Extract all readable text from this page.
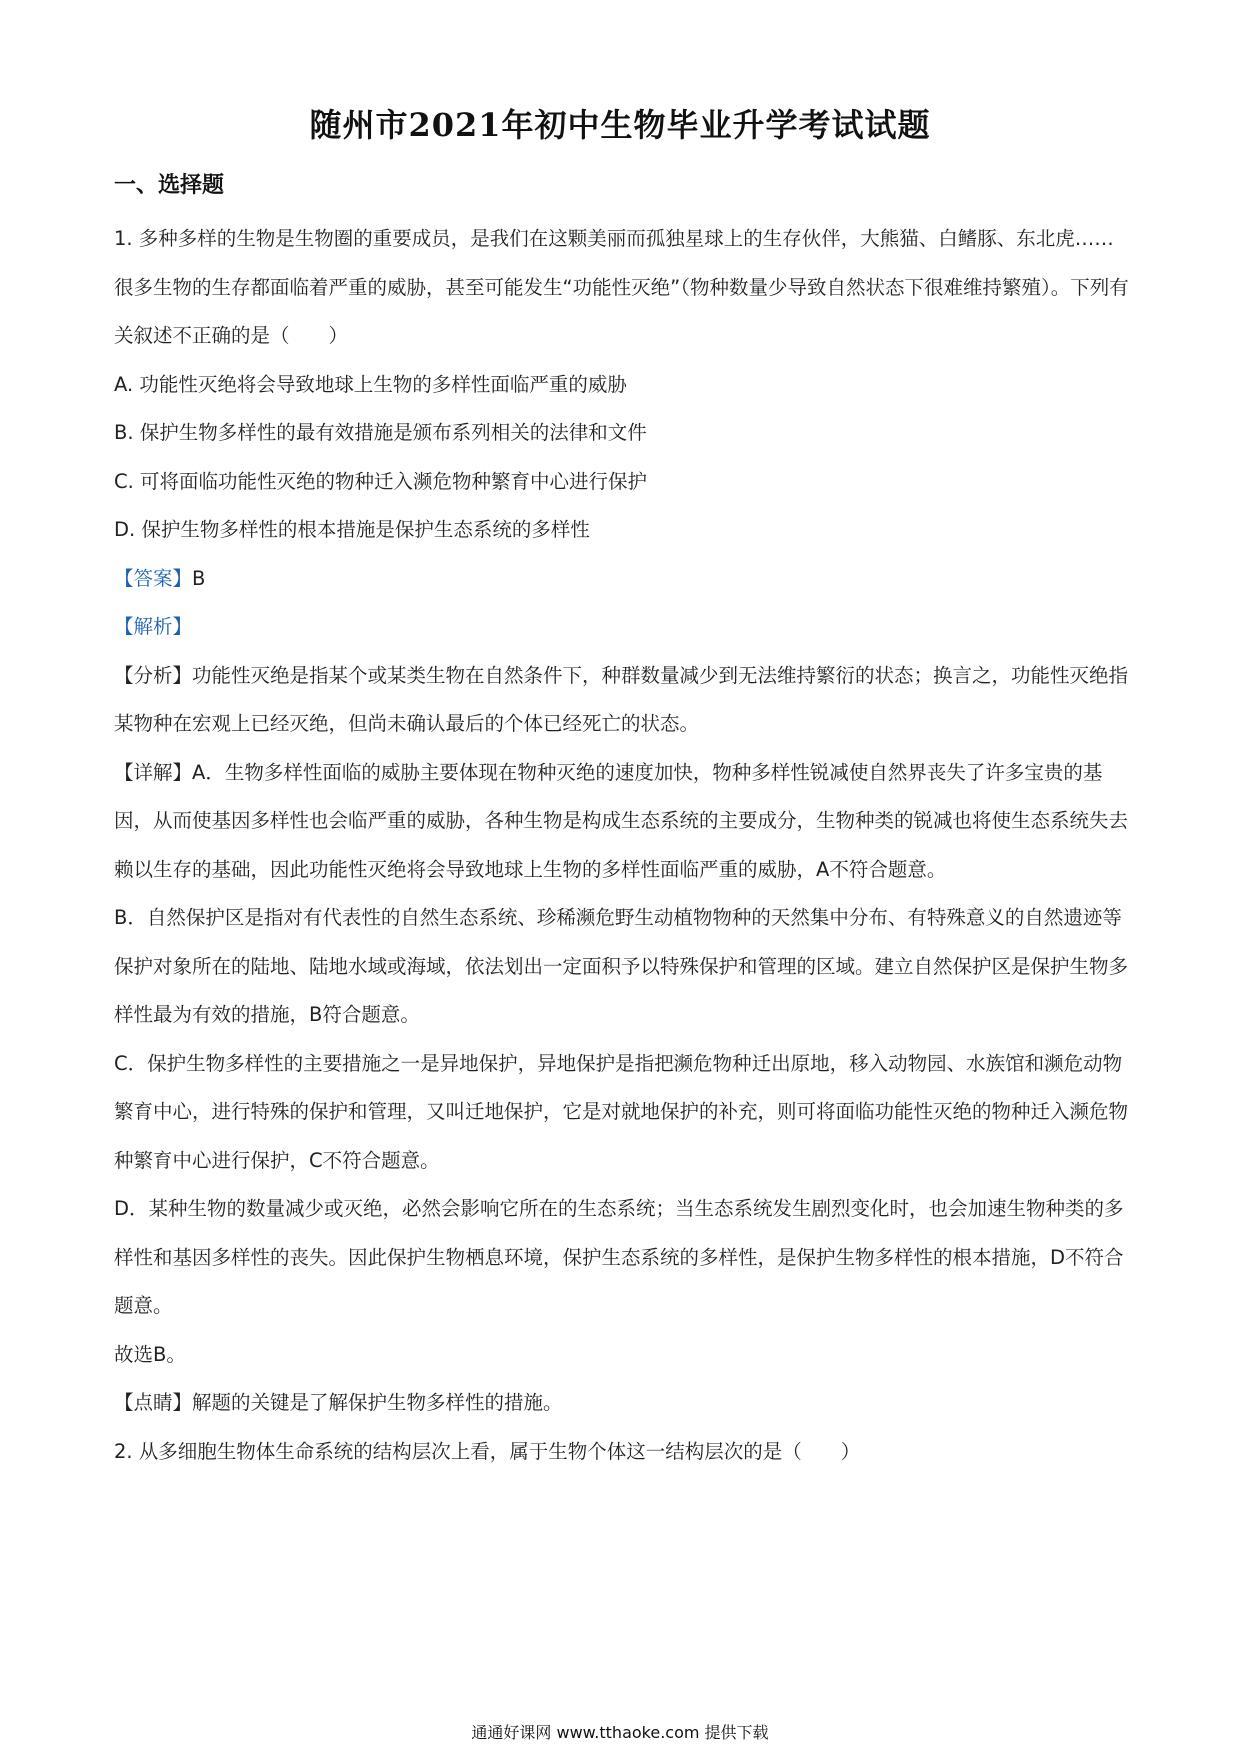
随州市2021年初中生物毕业升学考试试题
一、选择题

1. 多种多样的生物是生物圈的重要成员，是我们在这颗美丽而孤独星球上的生存伙伴，大熊猫、白鳍豚、东北虎……很多生物的生存都面临着严重的威胁，甚至可能发生“功能性灭绝”（物种数量少导致自然状态下很难维持繁殖）。下列有关叙述不正确的是（　　）

A. 功能性灭绝将会导致地球上生物的多样性面临严重的威胁

B. 保护生物多样性的最有效措施是颁布系列相关的法律和文件

C. 可将面临功能性灭绝的物种迁入濒危物种繁育中心进行保护

D. 保护生物多样性的根本措施是保护生态系统的多样性

【答案】B

【解析】

【分析】功能性灭绝是指某个或某类生物在自然条件下，种群数量减少到无法维持繁衍的状态；换言之，功能性灭绝指某物种在宏观上已经灭绝，但尚未确认最后的个体已经死亡的状态。

【详解】A．生物多样性面临的威胁主要体现在物种灭绝的速度加快，物种多样性锐减使自然界丧失了许多宝贵的基因，从而使基因多样性也会临严重的威胁，各种生物是构成生态系统的主要成分，生物种类的锐减也将使生态系统失去赖以生存的基础，因此功能性灭绝将会导致地球上生物的多样性面临严重的威胁，A不符合题意。

B．自然保护区是指对有代表性的自然生态系统、珍稀濒危野生动植物物种的天然集中分布、有特殊意义的自然遗迹等保护对象所在的陆地、陆地水域或海域，依法划出一定面积予以特殊保护和管理的区域。建立自然保护区是保护生物多样性最为有效的措施，B符合题意。

C．保护生物多样性的主要措施之一是异地保护，异地保护是指把濒危物种迁出原地，移入动物园、水族馆和濒危动物繁育中心，进行特殊的保护和管理，又叫迁地保护，它是对就地保护的补充，则可将面临功能性灭绝的物种迁入濒危物种繁育中心进行保护，C不符合题意。

D．某种生物的数量减少或灭绝，必然会影响它所在的生态系统；当生态系统发生剧烈变化时，也会加速生物种类的多样性和基因多样性的丧失。因此保护生物栖息环境，保护生态系统的多样性，是保护生物多样性的根本措施，D不符合题意。

故选B。

【点睛】解题的关键是了解保护生物多样性的措施。

2. 从多细胞生物体生命系统的结构层次上看，属于生物个体这一结构层次的是（　　）

通通好课网 www.tthaoke.com 提供下载
